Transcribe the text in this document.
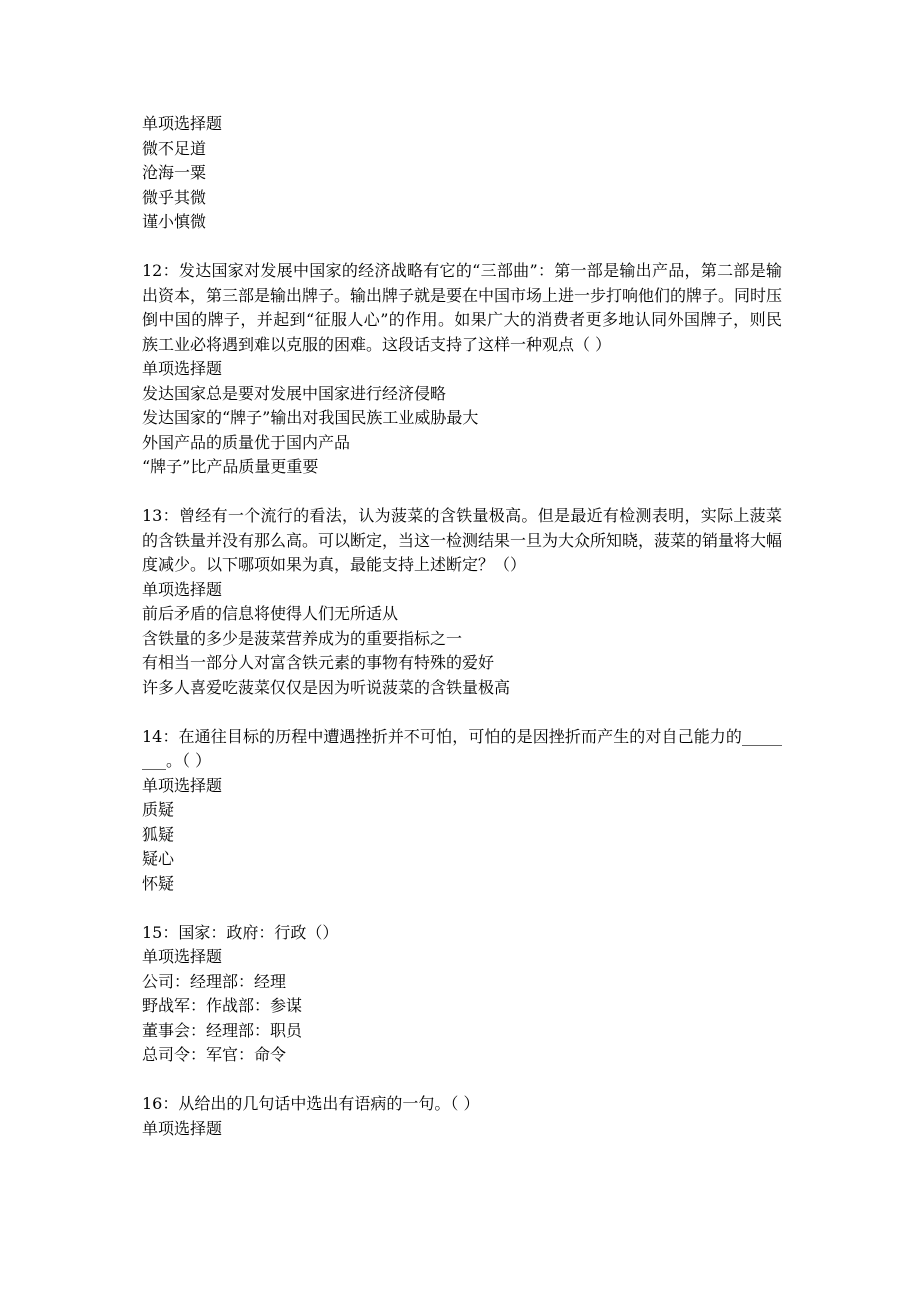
单项选择题

微不足道

沧海一粟

微乎其微

谨小慎微

12：发达国家对发展中国家的经济战略有它的“三部曲”：第一部是输出产品，第二部是输出资本，第三部是输出牌子。输出牌子就是要在中国市场上进一步打响他们的牌子。同时压倒中国的牌子，并起到“征服人心”的作用。如果广大的消费者更多地认同外国牌子，则民族工业必将遇到难以克服的困难。这段话支持了这样一种观点（ ）

单项选择题

发达国家总是要对发展中国家进行经济侵略

发达国家的“牌子”输出对我国民族工业威胁最大

外国产品的质量优于国内产品

“牌子”比产品质量更重要

13：曾经有一个流行的看法，认为菠菜的含铁量极高。但是最近有检测表明，实际上菠菜的含铁量并没有那么高。可以断定，当这一检测结果一旦为大众所知晓，菠菜的销量将大幅度减少。以下哪项如果为真，最能支持上述断定？（）

单项选择题

前后矛盾的信息将使得人们无所适从

含铁量的多少是菠菜营养成为的重要指标之一

有相当一部分人对富含铁元素的事物有特殊的爱好

许多人喜爱吃菠菜仅仅是因为听说菠菜的含铁量极高

14：在通往目标的历程中遭遇挫折并不可怕，可怕的是因挫折而产生的对自己能力的________。（ ）

单项选择题

质疑

狐疑

疑心

怀疑

15：国家：政府：行政（）

单项选择题

公司：经理部：经理

野战军：作战部：参谋

董事会：经理部：职员

总司令：军官：命令

16：从给出的几句话中选出有语病的一句。（ ）

单项选择题
